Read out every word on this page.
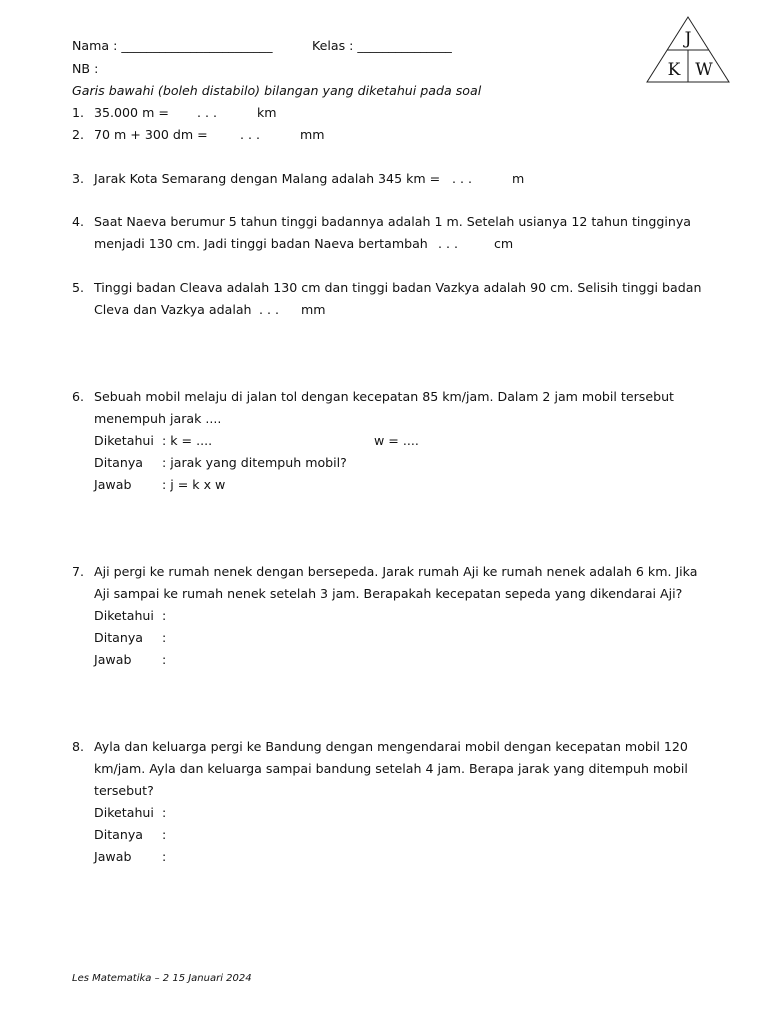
Nama : ________________________	Kelas : _______________
NB :
Garis bawahi (boleh distabilo) bilangan yang diketahui pada soal
J
K W
1. 35.000 m = . . .	km
2. 70 m + 300 dm =	. . .	mm
3. Jarak Kota Semarang dengan Malang adalah 345 km = . . .	m
4. Saat Naeva berumur 5 tahun tinggi badannya adalah 1 m. Setelah usianya 12 tahun tingginya
menjadi 130 cm. Jadi tinggi badan Naeva bertambah . . .	cm
5. Tinggi badan Cleava adalah 130 cm dan tinggi badan Vazkya adalah 90 cm. Selisih tinggi badan
Cleva dan Vazkya adalah . . . mm
6. Sebuah mobil melaju di jalan tol dengan kecepatan 85 km/jam. Dalam 2 jam mobil tersebut
menempuh jarak ....
Diketahui : k = ....	w = ....
Ditanya : jarak yang ditempuh mobil?
Jawab : j = k x w
7. Aji pergi ke rumah nenek dengan bersepeda. Jarak rumah Aji ke rumah nenek adalah 6 km. Jika
Aji sampai ke rumah nenek setelah 3 jam. Berapakah kecepatan sepeda yang dikendarai Aji?
Diketahui :
Ditanya :
Jawab :
8. Ayla dan keluarga pergi ke Bandung dengan mengendarai mobil dengan kecepatan mobil 120
km/jam. Ayla dan keluarga sampai bandung setelah 4 jam. Berapa jarak yang ditempuh mobil
tersebut?
Diketahui :
Ditanya :
Jawab :
Les Matematika – 2 15 Januari 2024
